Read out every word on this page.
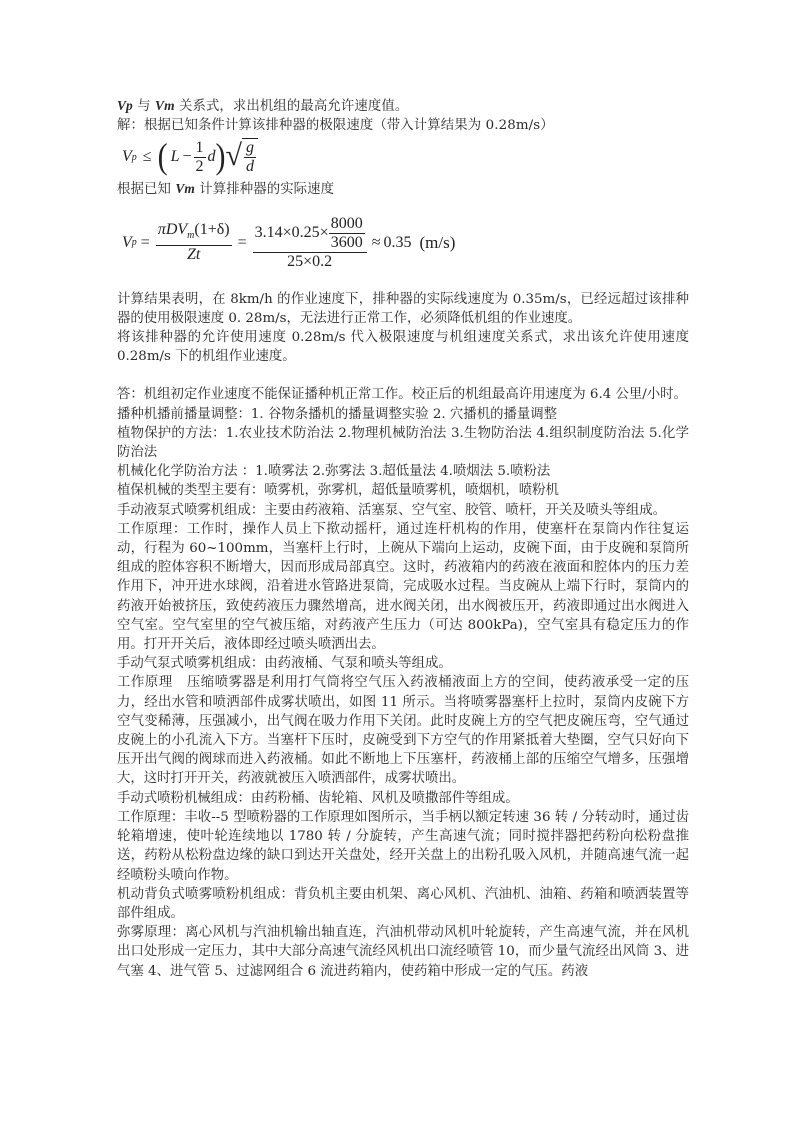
Vp 与 Vm 关系式，求出机组的最高允许速度值。
解：根据已知条件计算该排种器的极限速度（带入计算结果为 0.28m/s）
V p ≤ ( $L - \frac{1}{2}$ d ) √ $\frac{g}{d}$
根据已知 Vm 计算排种器的实际速度
V $p = \frac{\pi DV_m(1+\delta)}{Zt} = \frac{3.14\times 0.25\times \frac{8000}{3600}}{25\times 0.2} \approx 0.35$ (m/s)
计算结果表明，在 8km/h 的作业速度下，排种器的实际线速度为 0.35m/s，已经远超过该排种器的使用极限速度 0. 28m/s，无法进行正常工作，必须降低机组的作业速度。
将该排种器的允许使用速度 0.28m/s 代入极限速度与机组速度关系式，求出该允许使用速度 0.28m/s 下的机组作业速度。
答：机组初定作业速度不能保证播种机正常工作。校正后的机组最高许用速度为 6.4 公里/小时。
播种机播前播量调整：1. 谷物条播机的播量调整实验 2. 穴播机的播量调整
植物保护的方法：1.农业技术防治法 2.物理机械防治法 3.生物防治法 4.组织制度防治法 5.化学防治法
机械化化学防治方法 ：1.喷雾法 2.弥雾法 3.超低量法 4.喷烟法 5.喷粉法
植保机械的类型主要有：喷雾机，弥雾机，超低量喷雾机，喷烟机，喷粉机
手动液泵式喷雾机组成：主要由药液箱、活塞泵、空气室、胶管、喷杆，开关及喷头等组成。
工作原理：工作时，操作人员上下揿动摇杆，通过连杆机构的作用，使塞杆在泵筒内作往复运动，行程为 60~100mm，当塞杆上行时，上碗从下端向上运动，皮碗下面，由于皮碗和泵筒所组成的腔体容积不断增大，因而形成局部真空。这时，药液箱内的药液在液面和腔体内的压力差作用下，冲开进水球阀，沿着进水管路进泵筒，完成吸水过程。当皮碗从上端下行时，泵筒内的药液开始被挤压，致使药液压力骤然增高，进水阀关闭，出水阀被压开，药液即通过出水阀进入空气室。空气室里的空气被压缩，对药液产生压力（可达 800kPa)，空气室具有稳定压力的作用。打开开关后，液体即经过喷头喷洒出去。
手动气泵式喷雾机组成：由药液桶、气泵和喷头等组成。
工作原理　压缩喷雾器是利用打气筒将空气压入药液桶液面上方的空间，使药液承受一定的压力，经出水管和喷洒部件成雾状喷出，如图 11 所示。当将喷雾器塞杆上拉时，泵筒内皮碗下方空气变稀薄，压强减小，出气阀在吸力作用下关闭。此时皮碗上方的空气把皮碗压弯，空气通过皮碗上的小孔流入下方。当塞杆下压时，皮碗受到下方空气的作用紧抵着大垫圈，空气只好向下压开出气阀的阀球而进入药液桶。如此不断地上下压塞杆，药液桶上部的压缩空气增多，压强增大，这时打开开关，药液就被压入喷洒部件，成雾状喷出。
手动式喷粉机械组成：由药粉桶、齿轮箱、风机及喷撒部件等组成。
工作原理：丰收--5 型喷粉器的工作原理如图所示，当手柄以额定转速 36 转 / 分转动时，通过齿轮箱增速，使叶轮连续地以 1780 转 / 分旋转，产生高速气流；同时搅拌器把药粉向松粉盘推送，药粉从松粉盘边缘的缺口到达开关盘处，经开关盘上的出粉孔吸入风机，并随高速气流一起经喷粉头喷向作物。
机动背负式喷雾喷粉机组成：背负机主要由机架、离心风机、汽油机、油箱、药箱和喷洒装置等部件组成。
弥雾原理：离心风机与汽油机输出轴直连，汽油机带动风机叶轮旋转，产生高速气流，并在风机出口处形成一定压力，其中大部分高速气流经风机出口流经喷管 10，而少量气流经出风筒 3、进气塞 4、进气管 5、过滤网组合 6 流进药箱内，使药箱中形成一定的气压。药液
